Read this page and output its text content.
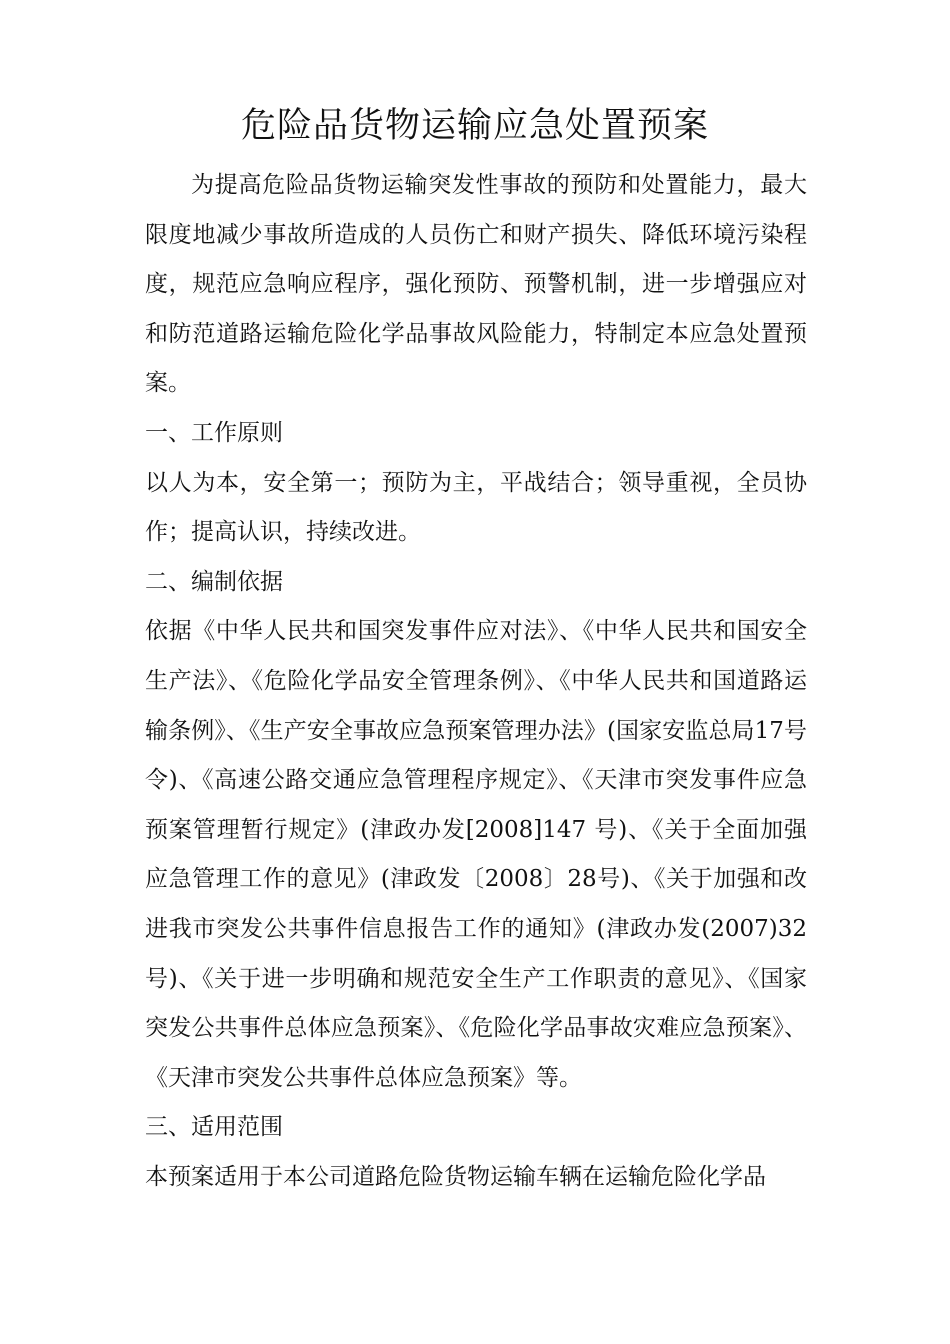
危险品货物运输应急处置预案

为提高危险品货物运输突发性事故的预防和处置能力，最大限度地减少事故所造成的人员伤亡和财产损失、降低环境污染程度，规范应急响应程序，强化预防、预警机制，进一步增强应对和防范道路运输危险化学品事故风险能力，特制定本应急处置预案。

一、工作原则

以人为本，安全第一；预防为主，平战结合；领导重视，全员协作；提高认识，持续改进。

二、编制依据

依据《中华人民共和国突发事件应对法》、《中华人民共和国安全生产法》、《危险化学品安全管理条例》、《中华人民共和国道路运输条例》、《生产安全事故应急预案管理办法》(国家安监总局17号令)、《高速公路交通应急管理程序规定》、《天津市突发事件应急预案管理暂行规定》(津政办发[2008]147 号)、《关于全面加强应急管理工作的意见》(津政发〔2008〕28号)、《关于加强和改进我市突发公共事件信息报告工作的通知》(津政办发(2007)32 号)、《关于进一步明确和规范安全生产工作职责的意见》、《国家突发公共事件总体应急预案》、《危险化学品事故灾难应急预案》、《天津市突发公共事件总体应急预案》等。

三、适用范围

本预案适用于本公司道路危险货物运输车辆在运输危险化学品
